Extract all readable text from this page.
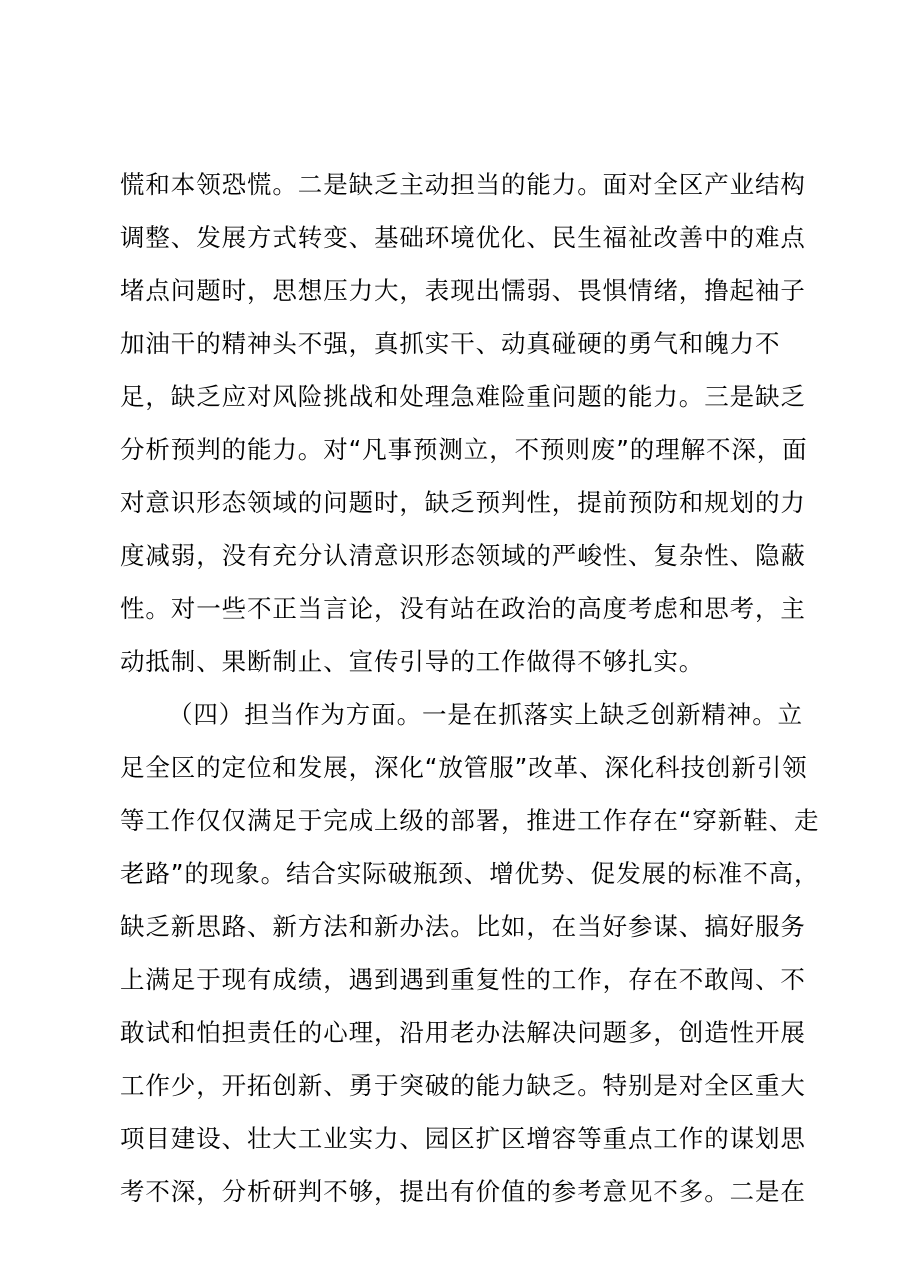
慌和本领恐慌。二是缺乏主动担当的能力。面对全区产业结构
调整、发展方式转变、基础环境优化、民生福祉改善中的难点
堵点问题时，思想压力大，表现出懦弱、畏惧情绪，撸起袖子
加油干的精神头不强，真抓实干、动真碰硬的勇气和魄力不
足，缺乏应对风险挑战和处理急难险重问题的能力。三是缺乏
分析预判的能力。对“凡事预测立，不预则废”的理解不深，面
对意识形态领域的问题时，缺乏预判性，提前预防和规划的力
度减弱，没有充分认清意识形态领域的严峻性、复杂性、隐蔽
性。对一些不正当言论，没有站在政治的高度考虑和思考，主
动抵制、果断制止、宣传引导的工作做得不够扎实。
（四）担当作为方面。一是在抓落实上缺乏创新精神。立
足全区的定位和发展，深化“放管服”改革、深化科技创新引领
等工作仅仅满足于完成上级的部署，推进工作存在“穿新鞋、走
老路”的现象。结合实际破瓶颈、增优势、促发展的标准不高，
缺乏新思路、新方法和新办法。比如，在当好参谋、搞好服务
上满足于现有成绩，遇到遇到重复性的工作，存在不敢闯、不
敢试和怕担责任的心理，沿用老办法解决问题多，创造性开展
工作少，开拓创新、勇于突破的能力缺乏。特别是对全区重大
项目建设、壮大工业实力、园区扩区增容等重点工作的谋划思
考不深，分析研判不够，提出有价值的参考意见不多。二是在
